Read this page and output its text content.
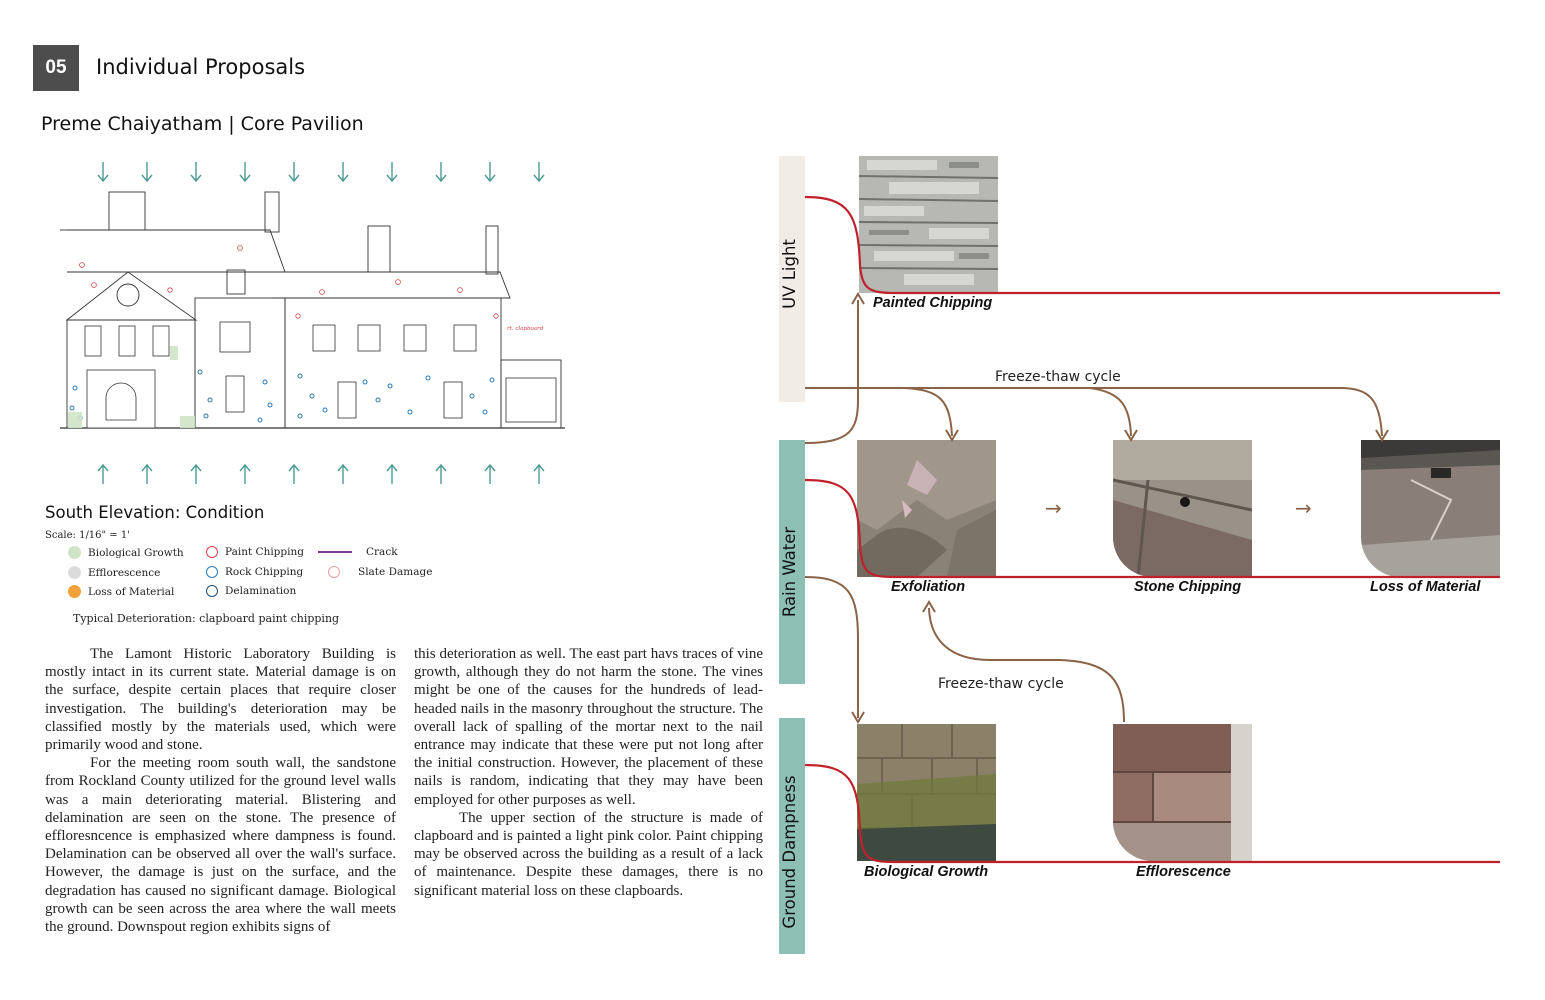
05	Individual Proposals
Preme Chaiyatham | Core Pavilion
rt. clapboard
South Elevation: Condition
Scale: 1/16" = 1'
Biological Growth
Efflorescence
Loss of Material
Paint Chipping
Rock Chipping
Delamination
Crack
Slate Damage
Typical Deterioration: clapboard paint chipping

The Lamont Historic Laboratory Building is mostly intact in its current state. Material damage is on the surface, despite certain places that require closer investigation. The building's deterioration may be classified mostly by the materials used, which were primarily wood and stone.

For the meeting room south wall, the sandstone from Rockland County utilized for the ground level walls was a main deteriorating material. Blistering and delamination are seen on the stone. The presence of effloresncence is emphasized where dampness is found. Delamination can be observed all over the wall's surface. However, the damage is just on the surface, and the degradation has caused no significant damage. Biological growth can be seen across the area where the wall meets the ground. Downspout region exhibits signs of

this deterioration as well. The east part havs traces of vine growth, although they do not harm the stone. The vines might be one of the causes for the hundreds of lead-headed nails in the masonry throughout the structure. The overall lack of spalling of the mortar next to the nail entrance may indicate that these were put not long after the initial construction. However, the placement of these nails is random, indicating that they may have been employed for other purposes as well.

The upper section of the structure is made of clapboard and is painted a light pink color. Paint chipping may be observed across the building as a result of a lack of maintenance. Despite these damages, there is no significant material loss on these clapboards.

UV Light
Rain Water
Ground Dampness
→	→
Painted Chipping
Exfoliation	Stone Chipping	Loss of Material
Biological Growth	Efflorescence
Freeze-thaw cycle
Freeze-thaw cycle
